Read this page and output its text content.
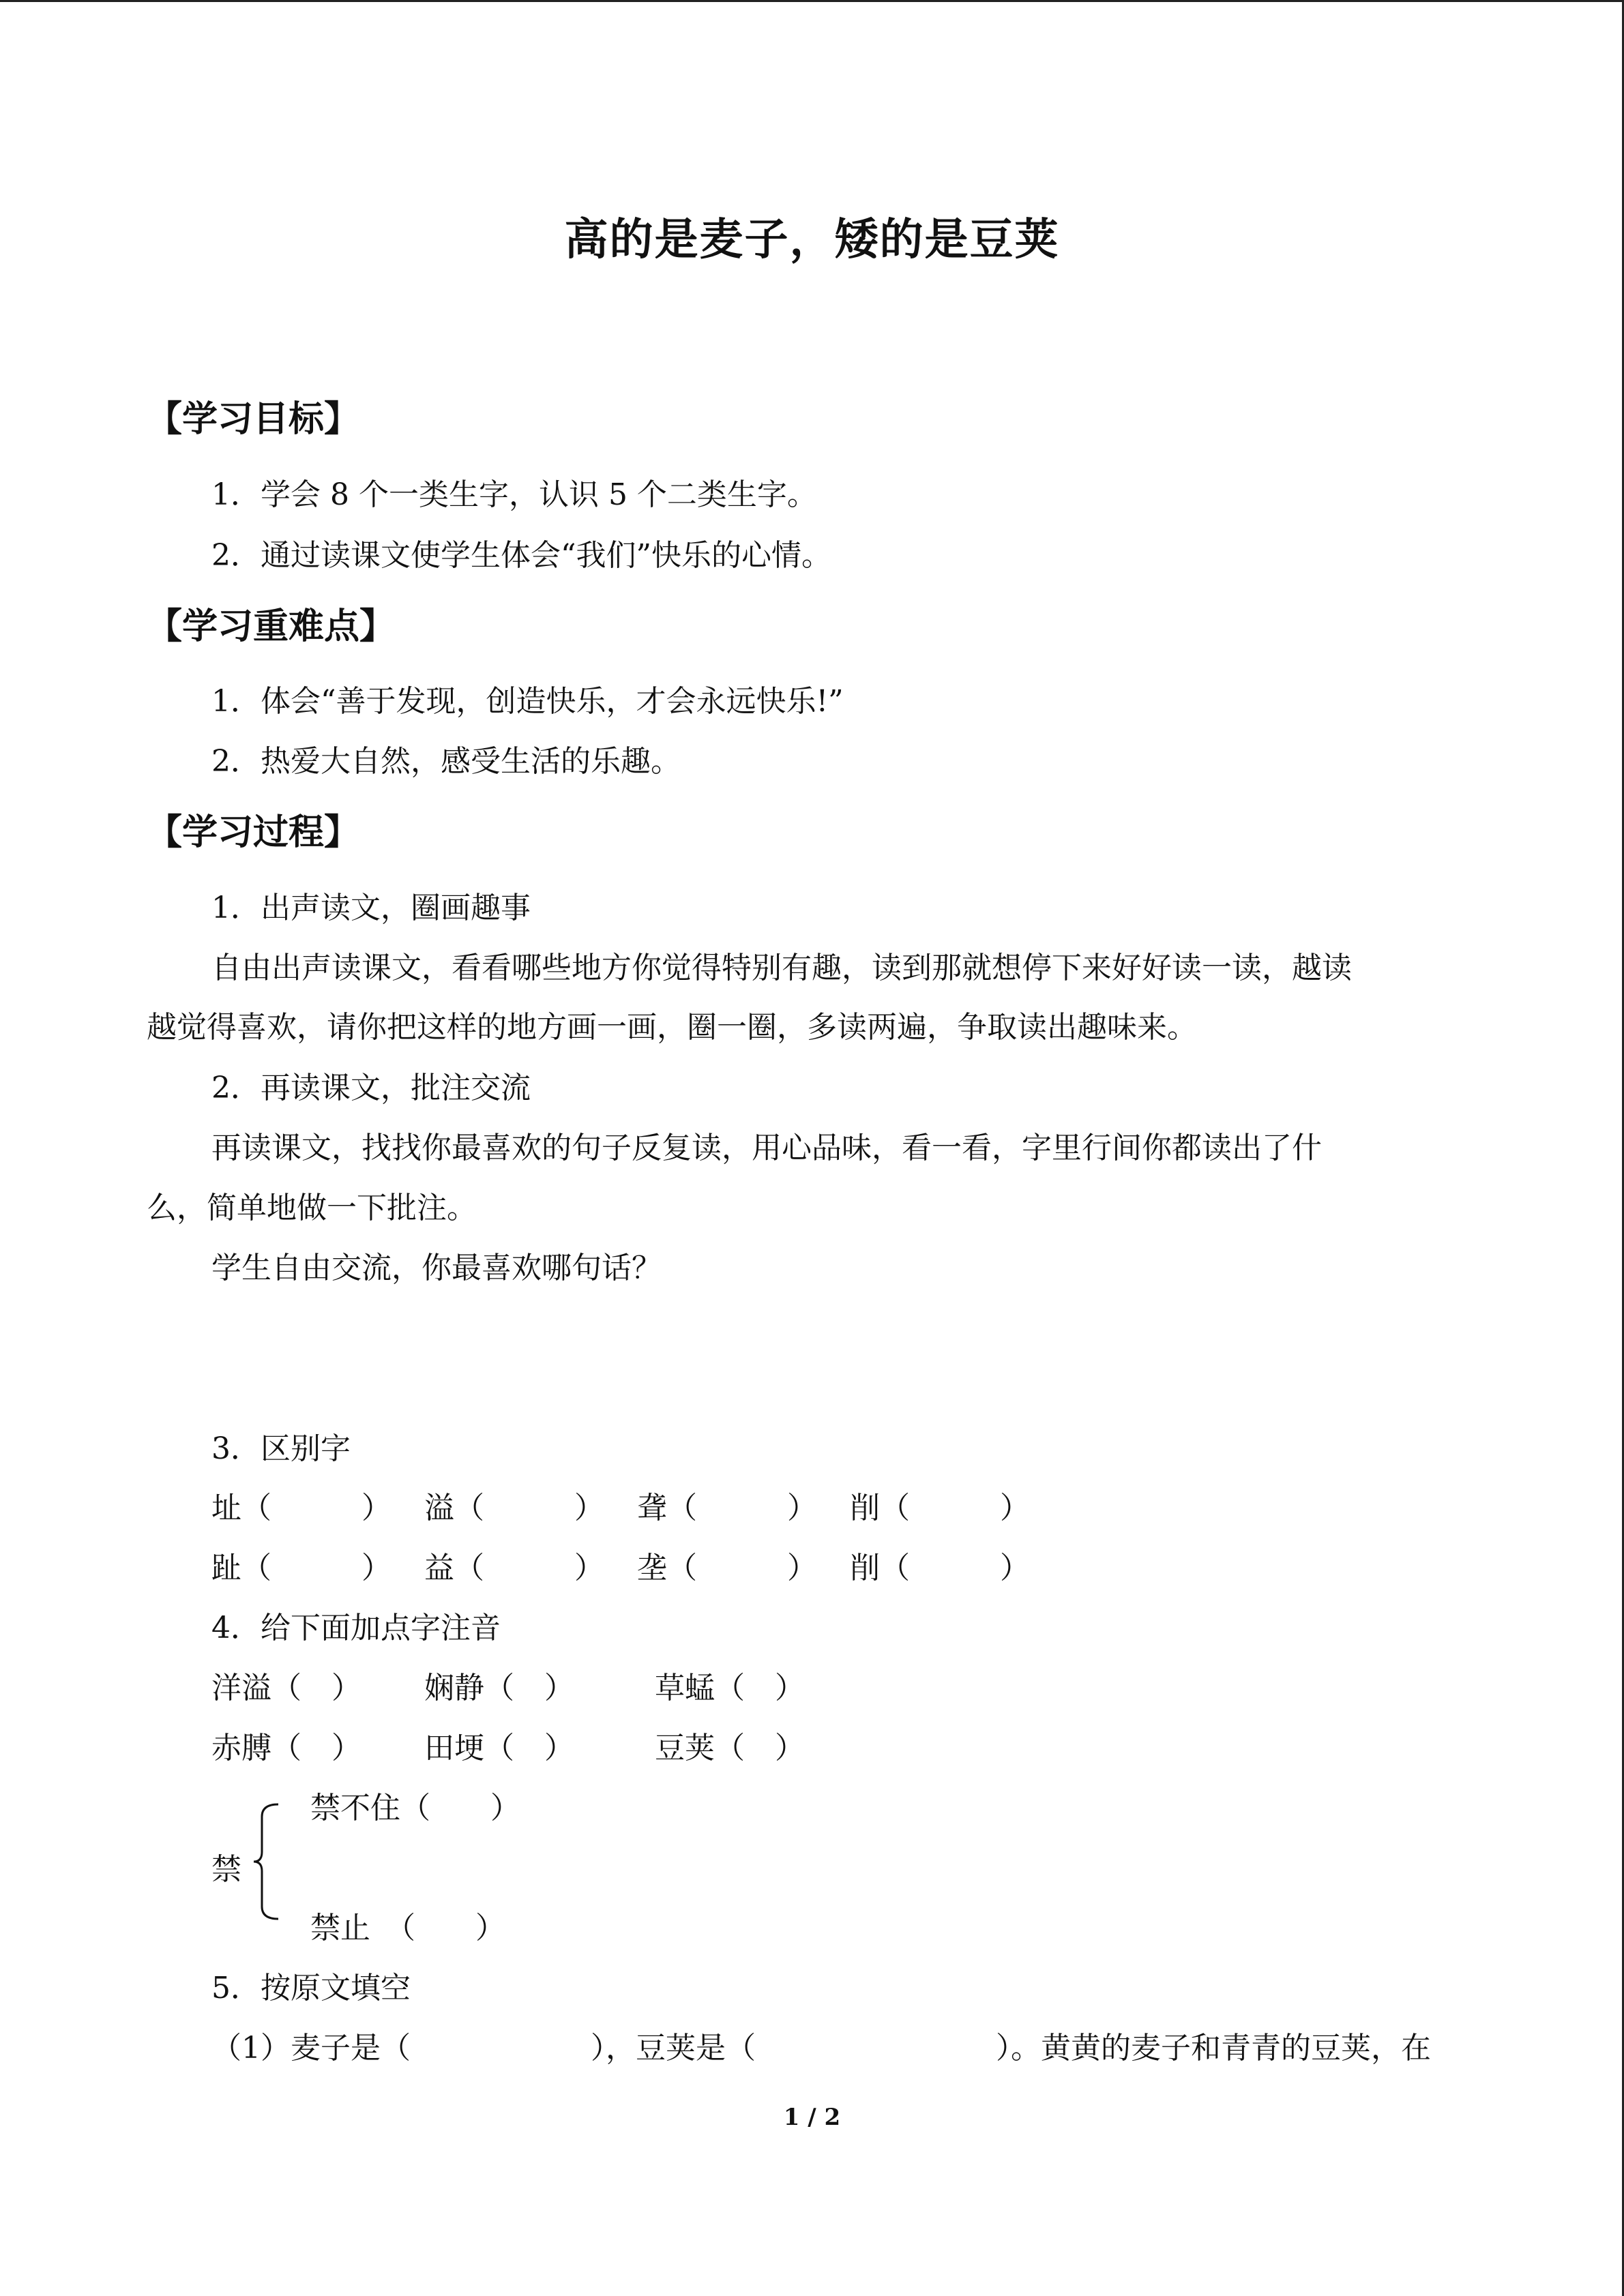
高的是麦子，矮的是豆荚
【学习目标】
1．学会 8 个一类生字，认识 5 个二类生字。
2．通过读课文使学生体会“我们”快乐的心情。
【学习重难点】
1．体会“善于发现，创造快乐，才会永远快乐!”
2．热爱大自然，感受生活的乐趣。
【学习过程】
1．出声读文，圈画趣事
自由出声读课文，看看哪些地方你觉得特别有趣，读到那就想停下来好好读一读，越读
越觉得喜欢，请你把这样的地方画一画，圈一圈，多读两遍，争取读出趣味来。
2．再读课文，批注交流
再读课文，找找你最喜欢的句子反复读，用心品味，看一看，字里行间你都读出了什
么，简单地做一下批注。
学生自由交流，你最喜欢哪句话？
3．区别字
址（　　　） 溢（　　　） 聋（　　　） 削（　　　）
趾（　　　） 益（　　　） 垄（　　　） 削（　　　）
4．给下面加点字注音
洋溢（　） 娴静（　）	草蜢（　）
赤膊（　） 田埂（　）	豆荚（　）
禁
禁不住（　　）
禁止　（　　）
5．按原文填空
（1）麦子是（　　　　　　），豆荚是（　　　　　　　　）。黄黄的麦子和青青的豆荚，在
1 / 2
